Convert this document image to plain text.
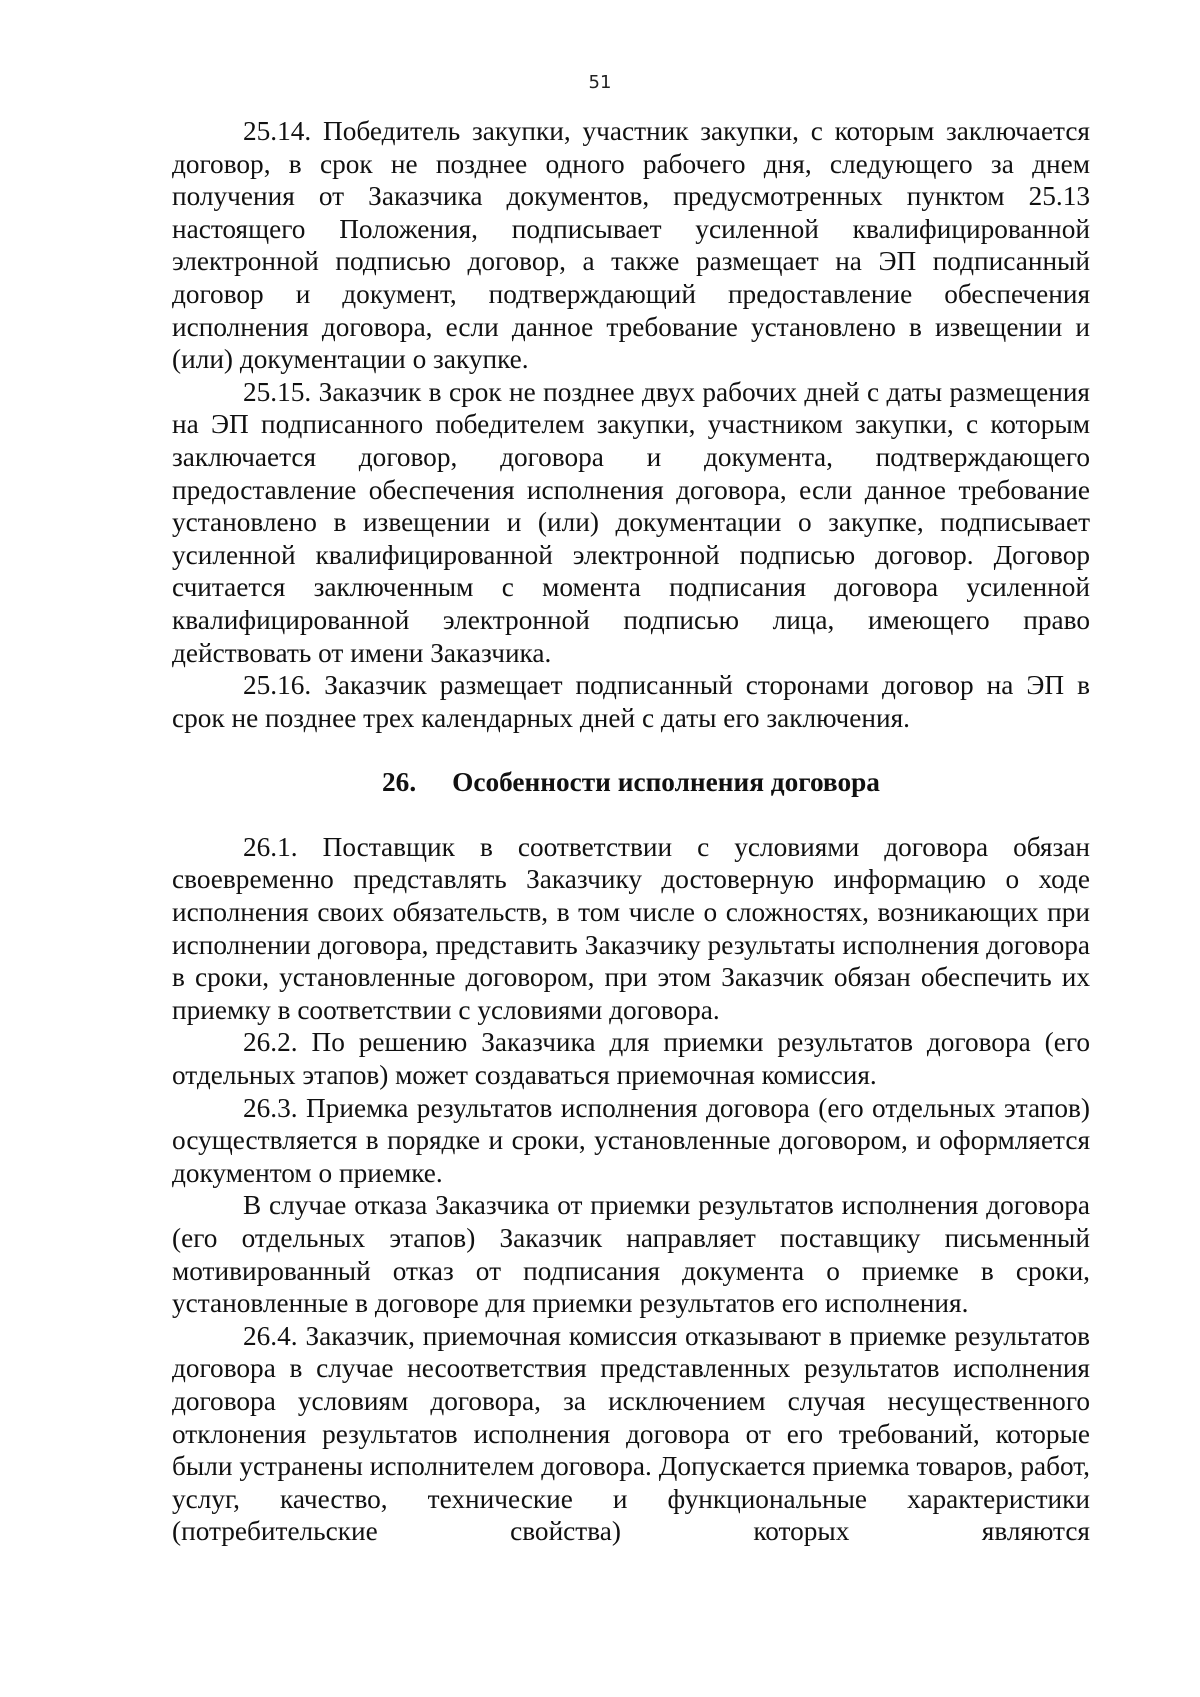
51

25.14. Победитель закупки, участник закупки, с которым заключается договор, в срок не позднее одного рабочего дня, следующего за днем получения от Заказчика документов, предусмотренных пунктом 25.13 настоящего Положения, подписывает усиленной квалифицированной электронной подписью договор, а также размещает на ЭП подписанный договор и документ, подтверждающий предоставление обеспечения исполнения договора, если данное требование установлено в извещении и (или) документации о закупке.

25.15. Заказчик в срок не позднее двух рабочих дней с даты размещения на ЭП подписанного победителем закупки, участником закупки, с которым заключается договор, договора и документа, подтверждающего предоставление обеспечения исполнения договора, если данное требование установлено в извещении и (или) документации о закупке, подписывает усиленной квалифицированной электронной подписью договор. Договор считается заключенным с момента подписания договора усиленной квалифицированной электронной подписью лица, имеющего право действовать от имени Заказчика.

25.16. Заказчик размещает подписанный сторонами договор на ЭП в срок не позднее трех календарных дней с даты его заключения.

26. Особенности исполнения договора

26.1. Поставщик в соответствии с условиями договора обязан своевременно представлять Заказчику достоверную информацию о ходе исполнения своих обязательств, в том числе о сложностях, возникающих при исполнении договора, представить Заказчику результаты исполнения договора в сроки, установленные договором, при этом Заказчик обязан обеспечить их приемку в соответствии с условиями договора.

26.2. По решению Заказчика для приемки результатов договора (его отдельных этапов) может создаваться приемочная комиссия.

26.3. Приемка результатов исполнения договора (его отдельных этапов) осуществляется в порядке и сроки, установленные договором, и оформляется документом о приемке.

В случае отказа Заказчика от приемки результатов исполнения договора (его отдельных этапов) Заказчик направляет поставщику письменный мотивированный отказ от подписания документа о приемке в сроки, установленные в договоре для приемки результатов его исполнения.

26.4. Заказчик, приемочная комиссия отказывают в приемке результатов договора в случае несоответствия представленных результатов исполнения договора условиям договора, за исключением случая несущественного отклонения результатов исполнения договора от его требований, которые были устранены исполнителем договора. Допускается приемка товаров, работ, услуг, качество, технические и функциональные характеристики (потребительские свойства) которых являются
